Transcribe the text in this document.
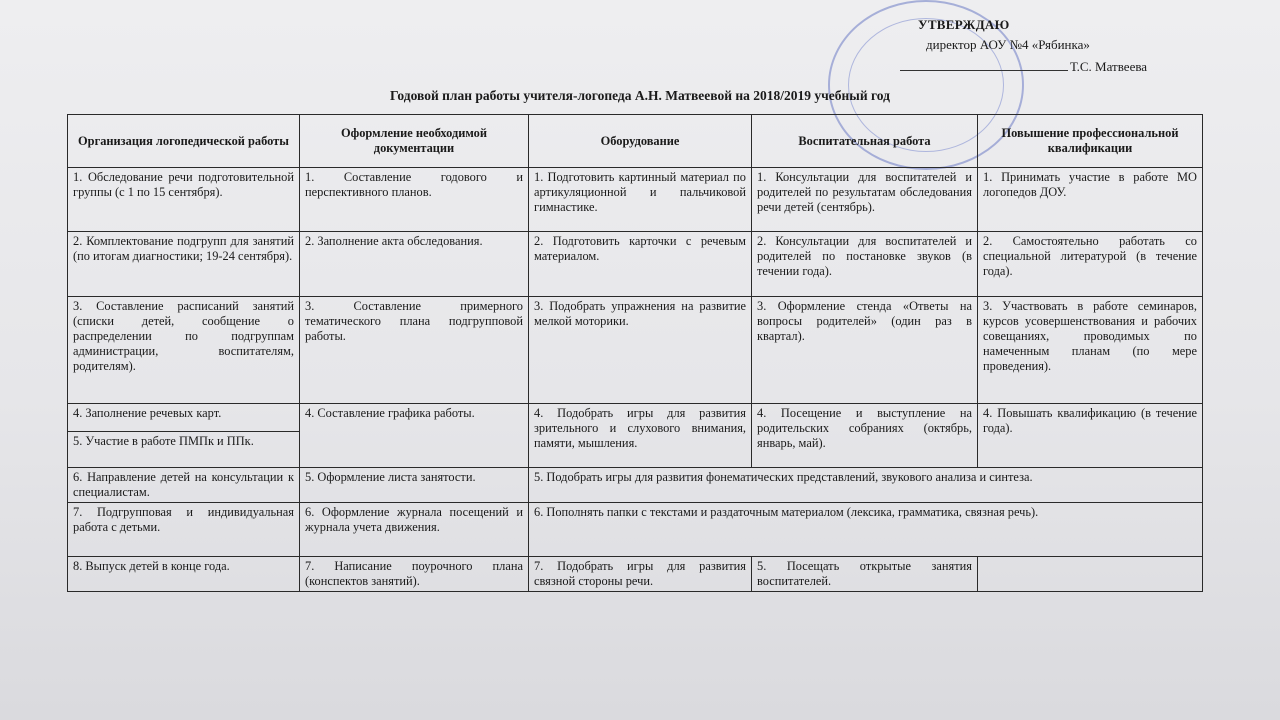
УТВЕРЖДАЮ
директор АОУ №4 «Рябинка»
Т.С. Матвеева
Годовой план работы учителя-логопеда А.Н. Матвеевой на 2018/2019 учебный год
Организация логопедической работы	Оформление необходимой документации	Оборудование	Воспитательная работа	Повышение профессиональной квалификации
1. Обследование речи подготовительной группы (с 1 по 15 сентября).	1. Составление годового и перспективного планов.	1. Подготовить картинный материал по артикуляционной и пальчиковой гимнастике.	1. Консультации для воспитателей и родителей по результатам обследования речи детей (сентябрь).	1. Принимать участие в работе МО логопедов ДОУ.
2. Комплектование подгрупп для занятий (по итогам диагностики; 19-24 сентября).	2. Заполнение акта обследования.	2. Подготовить карточки с речевым материалом.	2. Консультации для воспитателей и родителей по постановке звуков (в течении года).	2. Самостоятельно работать со специальной литературой (в течение года).
3. Составление расписаний занятий (списки детей, сообщение о распределении по подгруппам администрации, воспитателям, родителям).	3. Составление примерного тематического плана подгрупповой работы.	3. Подобрать упражнения на развитие мелкой моторики.	3. Оформление стенда «Ответы на вопросы родителей» (один раз в квартал).	3. Участвовать в работе семинаров, курсов усовершенствования и рабочих совещаниях, проводимых по намеченным планам (по мере проведения).
4. Заполнение речевых карт.	4. Составление графика работы.	4. Подобрать игры для развития зрительного и слухового внимания, памяти, мышления.	4. Посещение и выступление на родительских собраниях (октябрь, январь, май).	4. Повышать квалификацию (в течение года).
5. Участие в работе ПМПк и ППк.				
6. Направление детей на консультации к специалистам.	5. Оформление листа занятости.	5. Подобрать игры для развития фонематических представлений, звукового анализа и синтеза.		
7. Подгрупповая и индивидуальная работа с детьми.	6. Оформление журнала посещений и журнала учета движения.	6. Пополнять папки с текстами и раздаточным материалом (лексика, грамматика, связная речь).		
8. Выпуск детей в конце года.	7. Написание поурочного плана (конспектов занятий).	7. Подобрать игры для развития связной стороны речи.	5. Посещать открытые занятия воспитателей.	
